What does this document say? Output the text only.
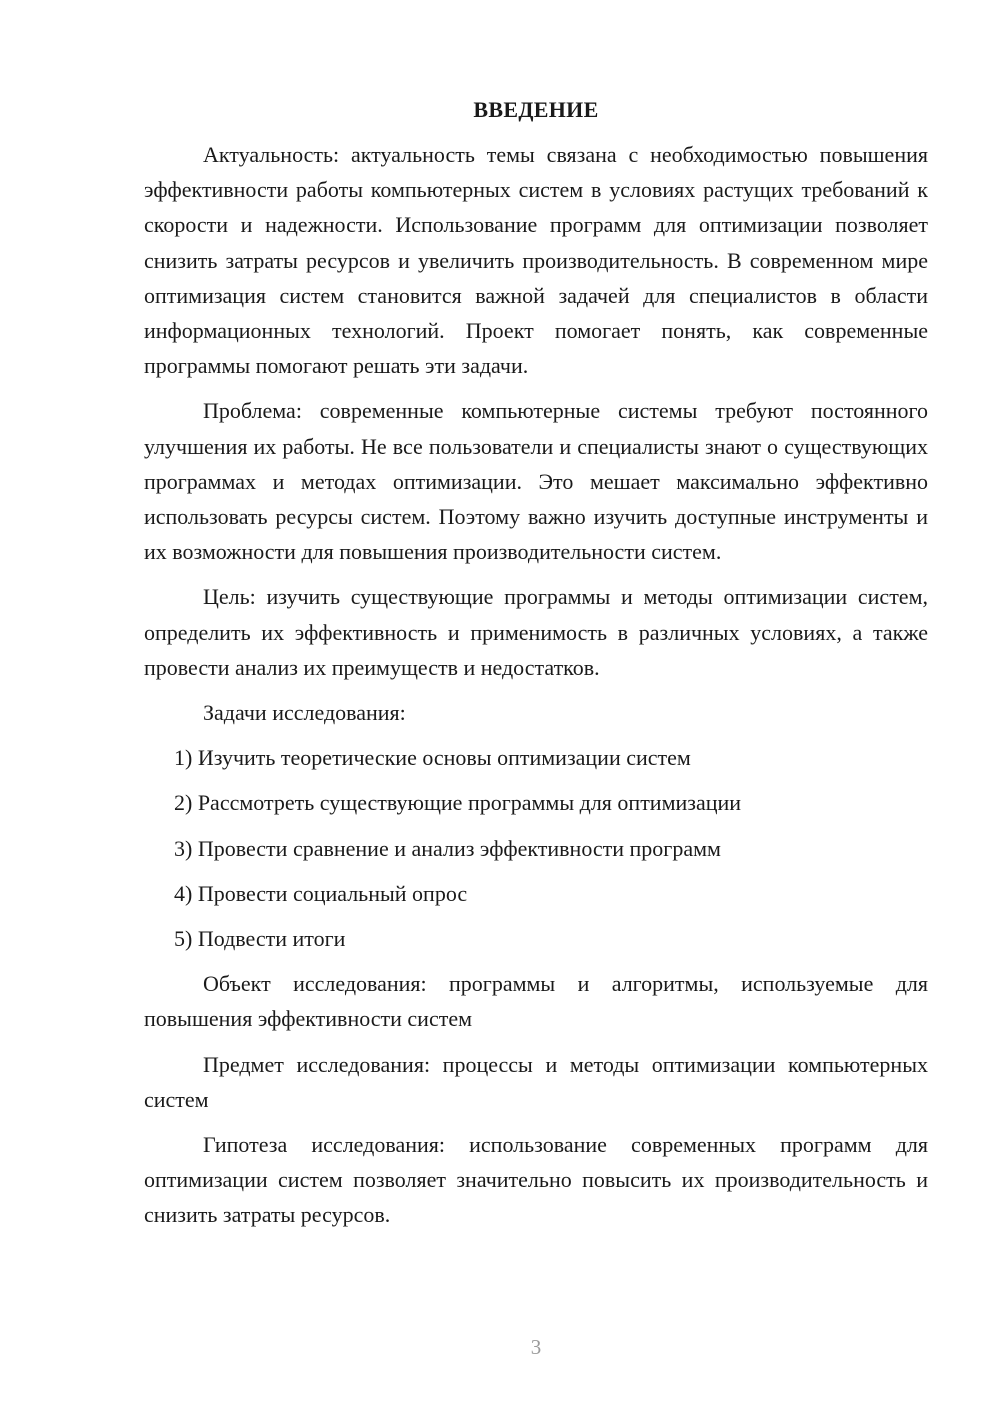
ВВЕДЕНИЕ

Актуальность: актуальность темы связана с необходимостью повышения эффективности работы компьютерных систем в условиях растущих требований к скорости и надежности. Использование программ для оптимизации позволяет снизить затраты ресурсов и увеличить производительность. В современном мире оптимизация систем становится важной задачей для специалистов в области информационных технологий. Проект помогает понять, как современные программы помогают решать эти задачи.

Проблема: современные компьютерные системы требуют постоянного улучшения их работы. Не все пользователи и специалисты знают о существующих программах и методах оптимизации. Это мешает максимально эффективно использовать ресурсы систем. Поэтому важно изучить доступные инструменты и их возможности для повышения производительности систем.

Цель: изучить существующие программы и методы оптимизации систем, определить их эффективность и применимость в различных условиях, а также провести анализ их преимуществ и недостатков.

Задачи исследования:

1) Изучить теоретические основы оптимизации систем
2) Рассмотреть существующие программы для оптимизации
3) Провести сравнение и анализ эффективности программ
4) Провести социальный опрос
5) Подвести итоги

Объект исследования: программы и алгоритмы, используемые для повышения эффективности систем

Предмет исследования: процессы и методы оптимизации компьютерных систем

Гипотеза исследования: использование современных программ для оптимизации систем позволяет значительно повысить их производительность и снизить затраты ресурсов.

3
